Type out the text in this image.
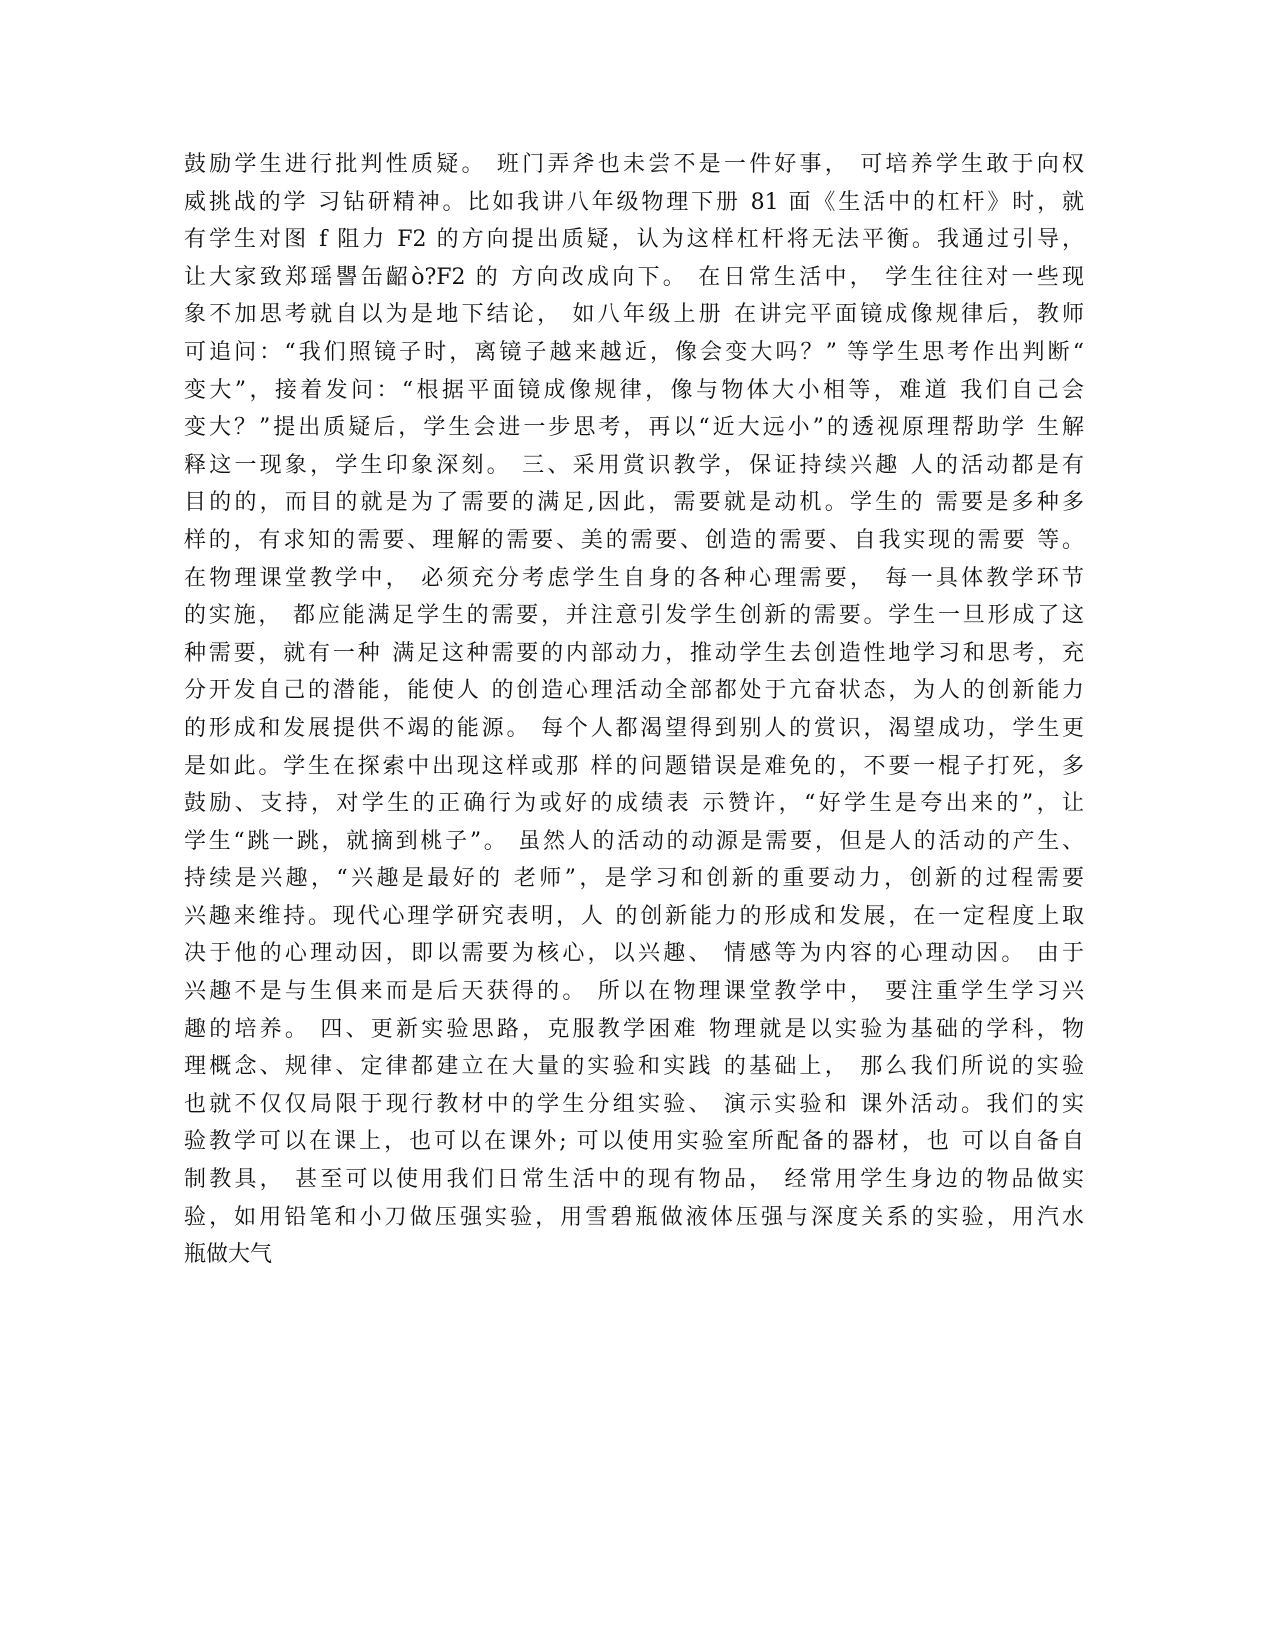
鼓励学生进行批判性质疑。 班门弄斧也未尝不是一件好事， 可培养学生敢于向权
威挑战的学 习钻研精神。比如我讲八年级物理下册 81 面《生活中的杠杆》时，就
有学生对图 f 阻力 F2 的方向提出质疑，认为这样杠杆将无法平衡。我通过引导，
让大家致郑瑶譻缶齠ò?F2 的 方向改成向下。 在日常生活中， 学生往往对一些现
象不加思考就自以为是地下结论， 如八年级上册 在讲完平面镜成像规律后，教师
可追问：“我们照镜子时，离镜子越来越近，像会变大吗？” 等学生思考作出判断“
变大”，接着发问：“根据平面镜成像规律，像与物体大小相等，难道 我们自己会
变大？”提出质疑后，学生会进一步思考，再以“近大远小”的透视原理帮助学 生解
释这一现象，学生印象深刻。 三、采用赏识教学，保证持续兴趣 人的活动都是有
目的的，而目的就是为了需要的满足,因此，需要就是动机。学生的 需要是多种多
样的，有求知的需要、理解的需要、美的需要、创造的需要、自我实现的需要 等。
在物理课堂教学中， 必须充分考虑学生自身的各种心理需要， 每一具体教学环节
的实施， 都应能满足学生的需要，并注意引发学生创新的需要。学生一旦形成了这
种需要，就有一种 满足这种需要的内部动力，推动学生去创造性地学习和思考，充
分开发自己的潜能，能使人 的创造心理活动全部都处于亢奋状态，为人的创新能力
的形成和发展提供不竭的能源。 每个人都渴望得到别人的赏识，渴望成功，学生更
是如此。学生在探索中出现这样或那 样的问题错误是难免的，不要一棍子打死，多
鼓励、支持，对学生的正确行为或好的成绩表 示赞许，“好学生是夸出来的”，让
学生“跳一跳，就摘到桃子”。 虽然人的活动的动源是需要，但是人的活动的产生、
持续是兴趣，“兴趣是最好的 老师”，是学习和创新的重要动力，创新的过程需要
兴趣来维持。现代心理学研究表明，人 的创新能力的形成和发展，在一定程度上取
决于他的心理动因，即以需要为核心，以兴趣、 情感等为内容的心理动因。 由于
兴趣不是与生俱来而是后天获得的。 所以在物理课堂教学中， 要注重学生学习兴
趣的培养。 四、更新实验思路，克服教学困难 物理就是以实验为基础的学科，物
理概念、规律、定律都建立在大量的实验和实践 的基础上， 那么我们所说的实验
也就不仅仅局限于现行教材中的学生分组实验、 演示实验和 课外活动。我们的实
验教学可以在课上，也可以在课外; 可以使用实验室所配备的器材，也 可以自备自
制教具， 甚至可以使用我们日常生活中的现有物品， 经常用学生身边的物品做实
验，如用铅笔和小刀做压强实验，用雪碧瓶做液体压强与深度关系的实验，用汽水
瓶做大气
